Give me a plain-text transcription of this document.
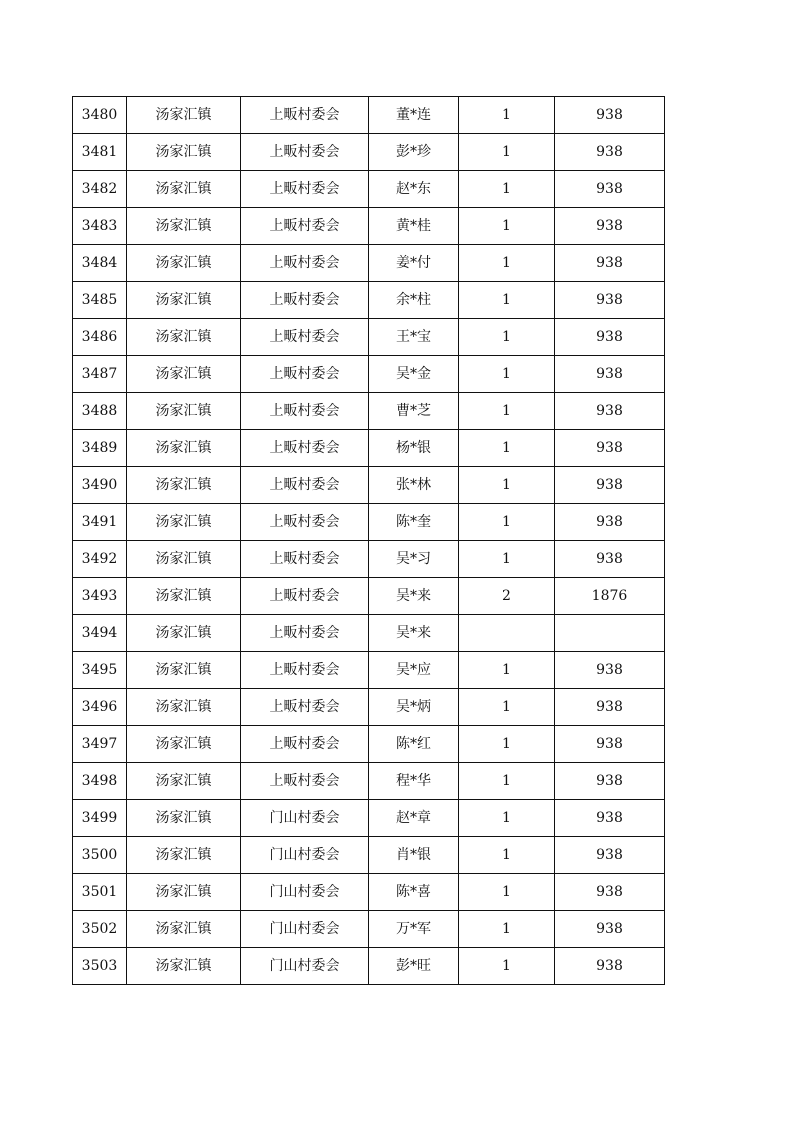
3480	汤家汇镇	上畈村委会	董*连	1	938
3481	汤家汇镇	上畈村委会	彭*珍	1	938
3482	汤家汇镇	上畈村委会	赵*东	1	938
3483	汤家汇镇	上畈村委会	黄*桂	1	938
3484	汤家汇镇	上畈村委会	姜*付	1	938
3485	汤家汇镇	上畈村委会	余*柱	1	938
3486	汤家汇镇	上畈村委会	王*宝	1	938
3487	汤家汇镇	上畈村委会	吴*金	1	938
3488	汤家汇镇	上畈村委会	曹*芝	1	938
3489	汤家汇镇	上畈村委会	杨*银	1	938
3490	汤家汇镇	上畈村委会	张*林	1	938
3491	汤家汇镇	上畈村委会	陈*奎	1	938
3492	汤家汇镇	上畈村委会	吴*习	1	938
3493	汤家汇镇	上畈村委会	吴*来	2	1876
3494	汤家汇镇	上畈村委会	吴*来		
3495	汤家汇镇	上畈村委会	吴*应	1	938
3496	汤家汇镇	上畈村委会	吴*炳	1	938
3497	汤家汇镇	上畈村委会	陈*红	1	938
3498	汤家汇镇	上畈村委会	程*华	1	938
3499	汤家汇镇	门山村委会	赵*章	1	938
3500	汤家汇镇	门山村委会	肖*银	1	938
3501	汤家汇镇	门山村委会	陈*喜	1	938
3502	汤家汇镇	门山村委会	万*军	1	938
3503	汤家汇镇	门山村委会	彭*旺	1	938
